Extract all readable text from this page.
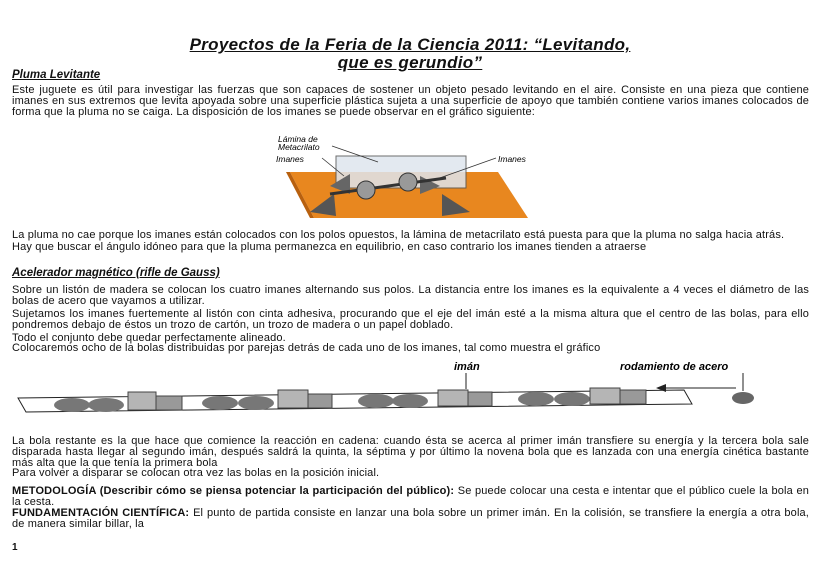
Proyectos de la Feria de la Ciencia 2011: “Levitando,
que es gerundio”
Pluma Levitante
Este juguete es útil para investigar las fuerzas que son capaces de sostener un objeto pesado levitando en el aire. Consiste en una pieza que contiene imanes en sus extremos que levita apoyada sobre una superficie plástica sujeta a una superficie de apoyo que también contiene varios imanes colocados de forma que la pluma no se caiga. La disposición de los imanes se puede observar en el gráfico siguiente:
Lámina de
Metacrilato
Imanes	Imanes
La pluma no cae porque los imanes están colocados con los polos opuestos, la lámina de metacrilato está puesta para que la pluma no salga hacia atrás.
Hay que buscar el ángulo idóneo para que la pluma permanezca en equilibrio, en caso contrario los imanes tienden a atraerse
Acelerador magnético (rifle de Gauss)
Sobre un listón de madera se colocan los cuatro imanes alternando sus polos. La distancia entre los imanes es la equivalente a 4 veces el diámetro de las bolas de acero que vayamos a utilizar.
Sujetamos los imanes fuertemente al listón con cinta adhesiva, procurando que el eje del imán esté a la misma altura que el centro de las bolas, para ello pondremos debajo de éstos un trozo de cartón, un trozo de madera o un papel doblado.
Todo el conjunto debe quedar perfectamente alineado.
Colocaremos ocho de la bolas distribuidas por parejas detrás de cada uno de los imanes, tal como muestra el gráfico
imán	rodamiento de acero
La bola restante es la que hace que comience la reacción en cadena: cuando ésta se acerca al primer imán transfiere su energía y la tercera bola sale disparada hasta llegar al segundo imán, después saldrá la quinta, la séptima y por último la novena bola que es lanzada con una energía cinética bastante más alta que la que tenía la primera bola
Para volver a disparar se colocan otra vez las bolas en la posición inicial.
METODOLOGÍA (Describir cómo se piensa potenciar la participación del público): Se puede colocar una cesta e intentar que el público cuele la bola en la cesta.
FUNDAMENTACIÓN CIENTÍFICA: El punto de partida consiste en lanzar una bola sobre un primer imán. En la colisión, se transfiere la energía a otra bola, de manera similar billar, la
1
